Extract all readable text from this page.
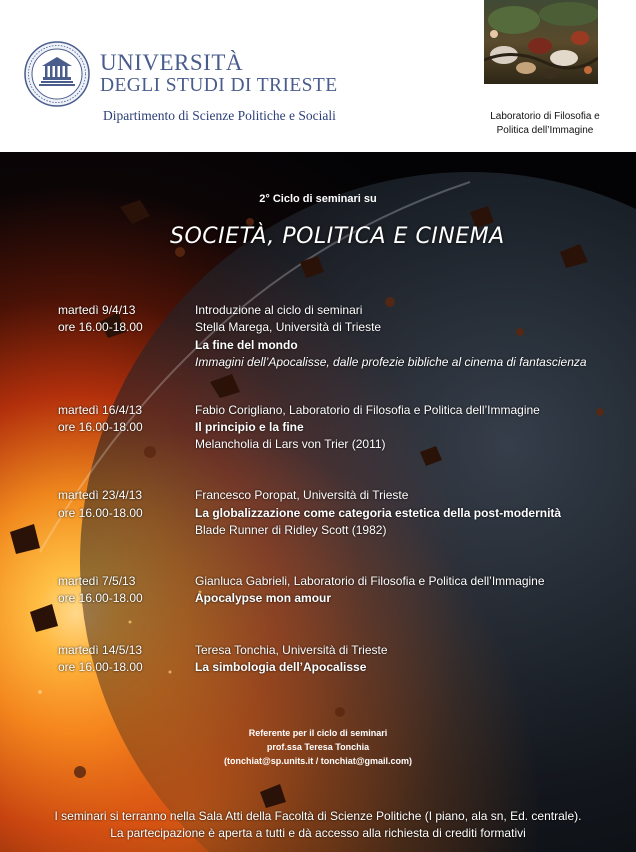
UNIVERSITÀ
DEGLI STUDI DI TRIESTE
Dipartimento di Scienze Politiche e Sociali	Laboratorio di Filosofia e
Politica dell’Immagine
2° Ciclo di seminari su
SOCIETÀ, POLITICA E CINEMA
martedì 9/4/13
ore 16.00-18.00
Introduzione al ciclo di seminari
Stella Marega, Università di Trieste
La fine del mondo
Immagini dell’Apocalisse, dalle profezie bibliche al cinema di fantascienza
martedì 16/4/13
ore 16.00-18.00
Fabio Corigliano, Laboratorio di Filosofia e Politica dell’Immagine
Il principio e la fine
Melancholia di Lars von Trier (2011)
martedì 23/4/13
ore 16.00-18.00
Francesco Poropat, Università di Trieste
La globalizzazione come categoria estetica della post-modernità
Blade Runner di Ridley Scott (1982)
martedì 7/5/13
ore 16.00-18.00
Gianluca Gabrieli, Laboratorio di Filosofia e Politica dell’Immagine
Apocalypse mon amour
martedì 14/5/13
ore 16.00-18.00
Teresa Tonchia, Università di Trieste
La simbologia dell’Apocalisse
Referente per il ciclo di seminari
prof.ssa Teresa Tonchia
(tonchiat@sp.units.it / tonchiat@gmail.com)
I seminari si terranno nella Sala Atti della Facoltà di Scienze Politiche (I piano, ala sn, Ed. centrale).
La partecipazione è aperta a tutti e dà accesso alla richiesta di crediti formativi
